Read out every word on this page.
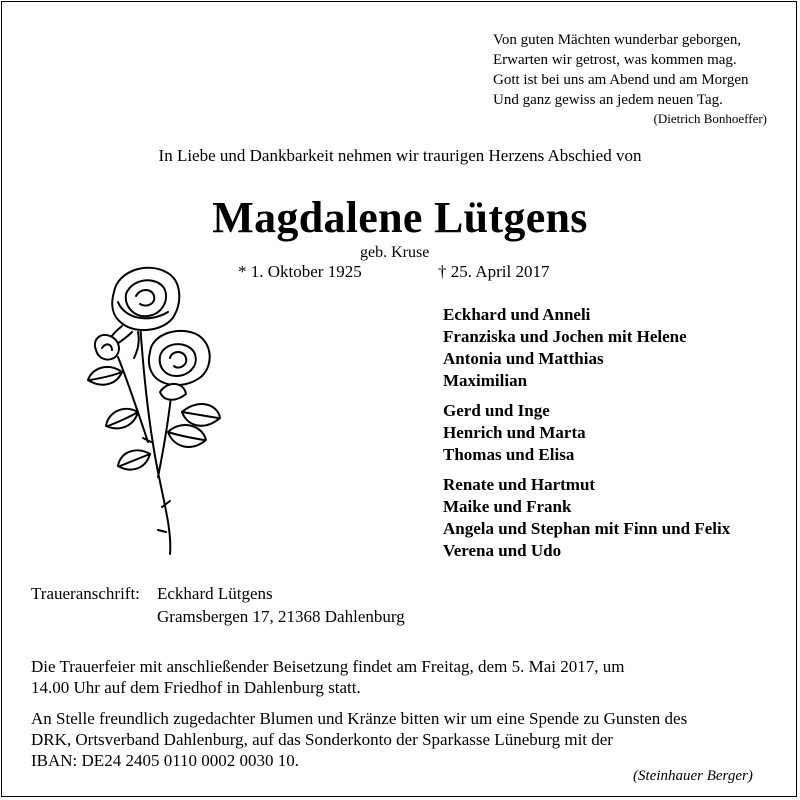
Von guten Mächten wunderbar geborgen,
Erwarten wir getrost, was kommen mag.
Gott ist bei uns am Abend und am Morgen
Und ganz gewiss an jedem neuen Tag.
(Dietrich Bonhoeffer)
In Liebe und Dankbarkeit nehmen wir traurigen Herzens Abschied von
Magdalene Lütgens
geb. Kruse
* 1. Oktober 1925	† 25. April 2017
Eckhard und Anneli
Franziska und Jochen mit Helene
Antonia und Matthias
Maximilian
Gerd und Inge
Henrich und Marta
Thomas und Elisa
Renate und Hartmut
Maike und Frank
Angela und Stephan mit Finn und Felix
Verena und Udo
Traueranschrift: Eckhard Lütgens
Gramsbergen 17, 21368 Dahlenburg
Die Trauerfeier mit anschließender Beisetzung findet am Freitag, dem 5. Mai 2017, um
14.00 Uhr auf dem Friedhof in Dahlenburg statt.
An Stelle freundlich zugedachter Blumen und Kränze bitten wir um eine Spende zu Gunsten des
DRK, Ortsverband Dahlenburg, auf das Sonderkonto der Sparkasse Lüneburg mit der
IBAN: DE24 2405 0110 0002 0030 10.
(Steinhauer Berger)
